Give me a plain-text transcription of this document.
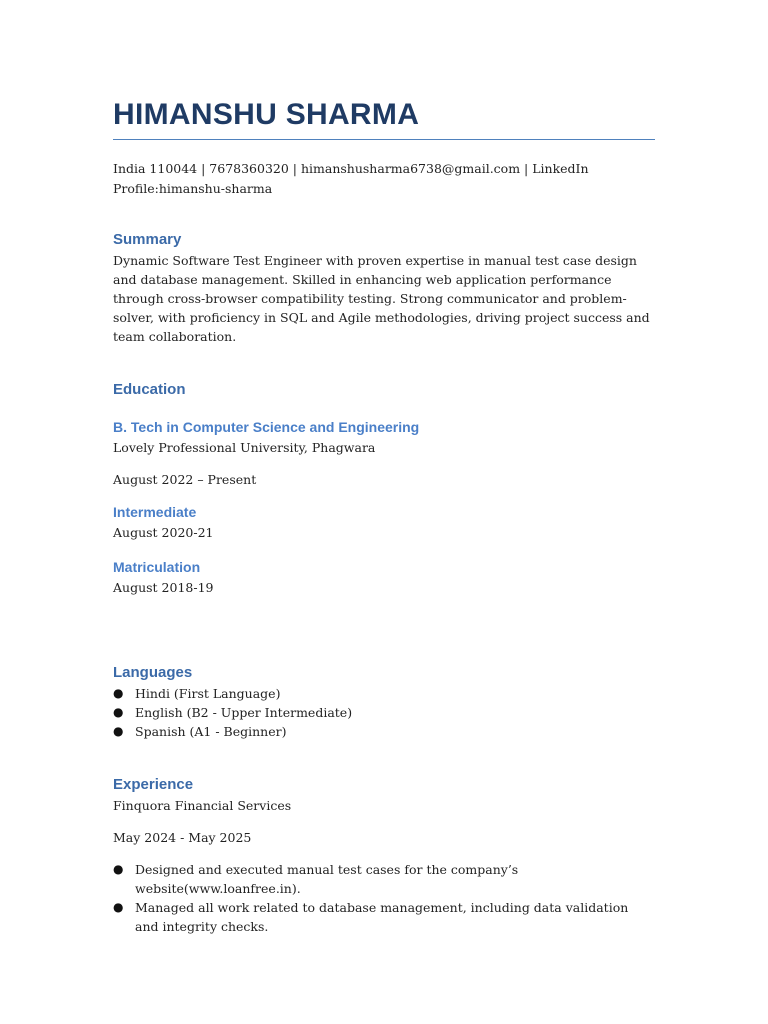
HIMANSHU SHARMA
India 110044 | 7678360320 | himanshusharma6738@gmail.com | LinkedIn
Profile:himanshu-sharma
Summary

Dynamic Software Test Engineer with proven expertise in manual test case design and database management. Skilled in enhancing web application performance through cross-browser compatibility testing. Strong communicator and problem-solver, with proficiency in SQL and Agile methodologies, driving project success and team collaboration.

Education
B. Tech in Computer Science and Engineering

Lovely Professional University, Phagwara

August 2022 – Present

Intermediate

August 2020-21

Matriculation

August 2018-19

Languages
● Hindi (First Language)
● English (B2 - Upper Intermediate)
● Spanish (A1 - Beginner)
Experience

Finquora Financial Services

May 2024 - May 2025

● Designed and executed manual test cases for the company’s website(www.loanfree.in).
● Managed all work related to database management, including data validation and integrity checks.
